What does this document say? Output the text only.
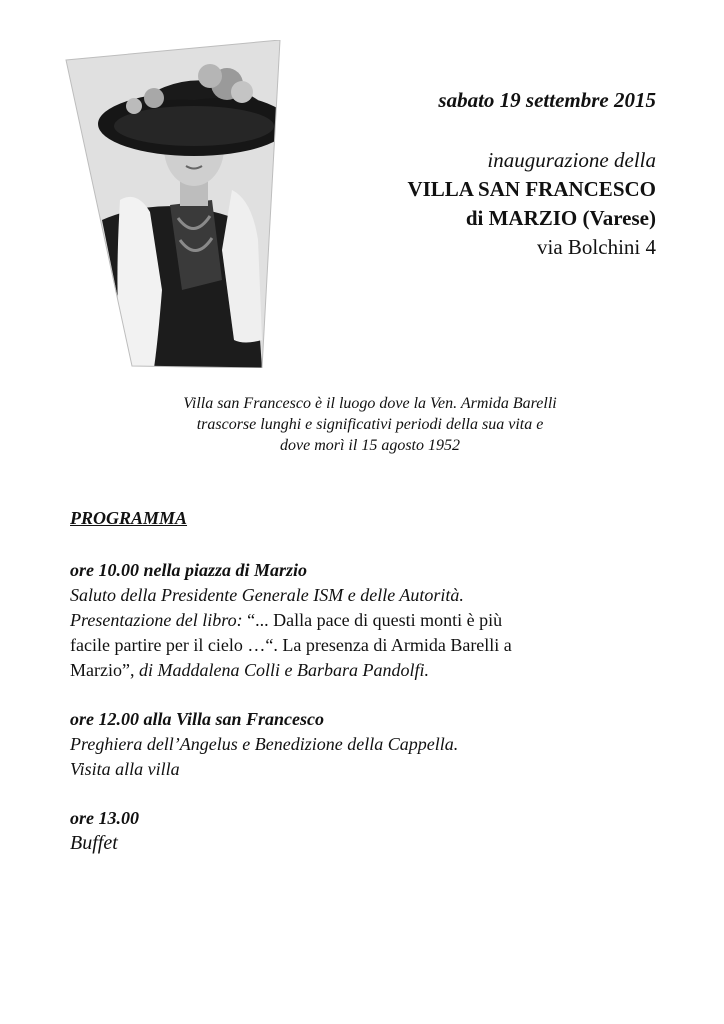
sabato 19 settembre 2015

inaugurazione della

VILLA SAN FRANCESCO

di MARZIO (Varese)

via Bolchini 4

Villa san Francesco è il luogo dove la Ven. Armida Barelli

trascorse lunghi e significativi periodi della sua vita e

dove morì il 15 agosto 1952

PROGRAMMA

ore 10.00 nella piazza di Marzio

Saluto della Presidente Generale ISM e delle Autorità.

Presentazione del libro: “... Dalla pace di questi monti è più

facile partire per il cielo …“. La presenza di Armida Barelli a

Marzio”, di Maddalena Colli e Barbara Pandolfi.

ore 12.00 alla Villa san Francesco

Preghiera dell’Angelus e Benedizione della Cappella.

Visita alla villa

ore 13.00

Buffet
